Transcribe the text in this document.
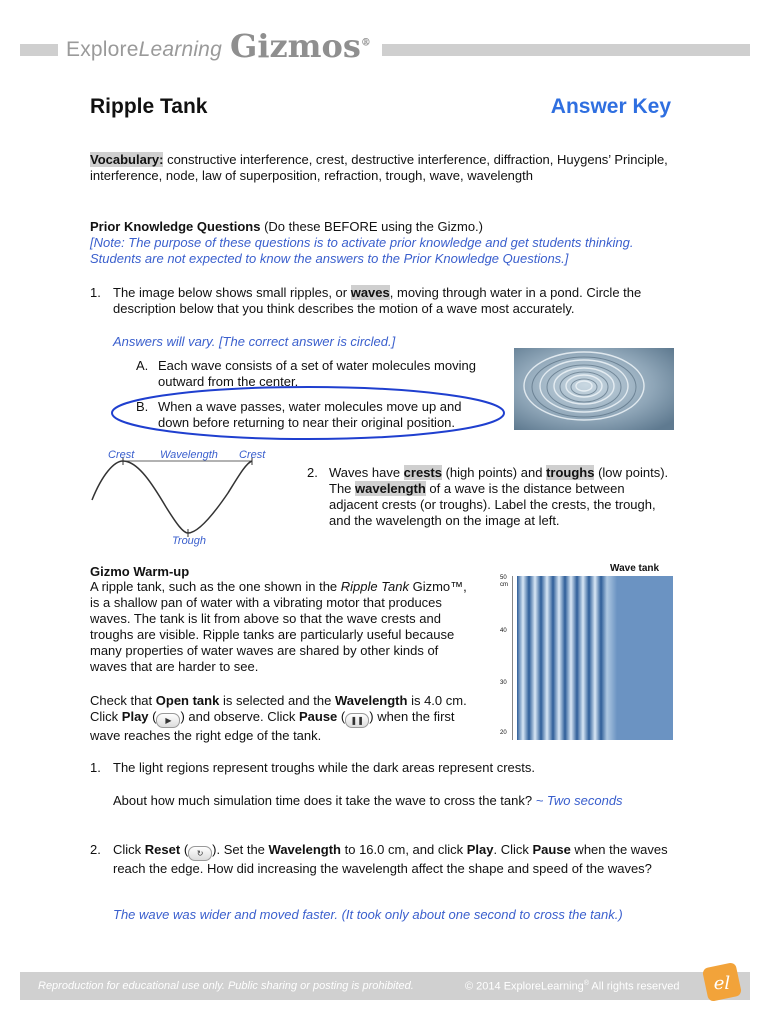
ExploreLearning Gizmos®
Ripple Tank	Answer Key
Vocabulary: constructive interference, crest, destructive interference, diffraction, Huygens’ Principle, interference, node, law of superposition, refraction, trough, wave, wavelength
Prior Knowledge Questions (Do these BEFORE using the Gizmo.)
[Note: The purpose of these questions is to activate prior knowledge and get students thinking. Students are not expected to know the answers to the Prior Knowledge Questions.]
1. The image below shows small ripples, or waves, moving through water in a pond. Circle the description below that you think describes the motion of a wave most accurately.
Answers will vary. [The correct answer is circled.]
A. Each wave consists of a set of water molecules moving outward from the center.
B. When a wave passes, water molecules move up and down before returning to near their original position.
Crest Wavelength Crest
Trough
2. Waves have crests (high points) and troughs (low points). The wavelength of a wave is the distance between adjacent crests (or troughs). Label the crests, the trough, and the wavelength on the image at left.
Gizmo Warm-up
A ripple tank, such as the one shown in the Ripple Tank Gizmo™, is a shallow pan of water with a vibrating motor that produces waves. The tank is lit from above so that the wave crests and troughs are visible. Ripple tanks are particularly useful because many properties of water waves are shared by other kinds of waves that are harder to see.
Check that Open tank is selected and the Wavelength is 4.0 cm. Click Play ( ▶ ) and observe. Click Pause ( ❚❚ ) when the first wave reaches the right edge of the tank.
Wave tank
50
cm
40
30
20
1. The light regions represent troughs while the dark areas represent crests.
About how much simulation time does it take the wave to cross the tank? ~ Two seconds
2. Click Reset ( ↻ ). Set the Wavelength to 16.0 cm, and click Play. Click Pause when the waves reach the edge. How did increasing the wavelength affect the shape and speed of the waves?
The wave was wider and moved faster. (It took only about one second to cross the tank.)
Reproduction for educational use only. Public sharing or posting is prohibited.	© 2014 ExploreLearning® All rights reserved el
